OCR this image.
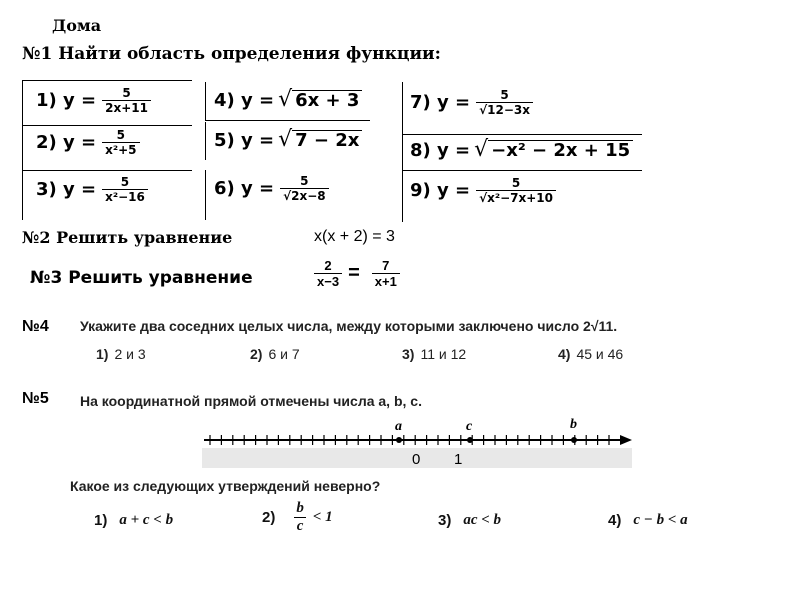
Дома
№1 Найти область определения функции:
1) $y = \frac{5}{2x+11}$
2) $y = \frac{5}{\text{x²+5}}$
3) $y = \frac{5}{\text{x²−16}}$
4) y = √ 6x + 3
5) y = √ 7 − 2x
6) $y = \frac{5}{√2x-8}$
7) $y = \frac{5}{√12-3x}$
8) y = √ −x² − 2x + 15
9) $y = \frac{5}{\text{√x²−7x+10}}$
№2 Решить уравнение	x(x + 2) = 3
№3 Решить уравнение	$\frac{2}{x-3} = \frac{7}{x+1}$
№4 Укажите два соседних целых числа, между которыми заключено число 2√11.
1) 2 и 3	2) 6 и 7	3) 11 и 12	4) 45 и 46
№5 На координатной прямой отмечены числа a, b, c.
a	c	b
0 1
Какое из следующих утверждений неверно?
1) a + c < b	$2) \frac{b}{c} < 1$	3) ac < b	4) c − b < a
